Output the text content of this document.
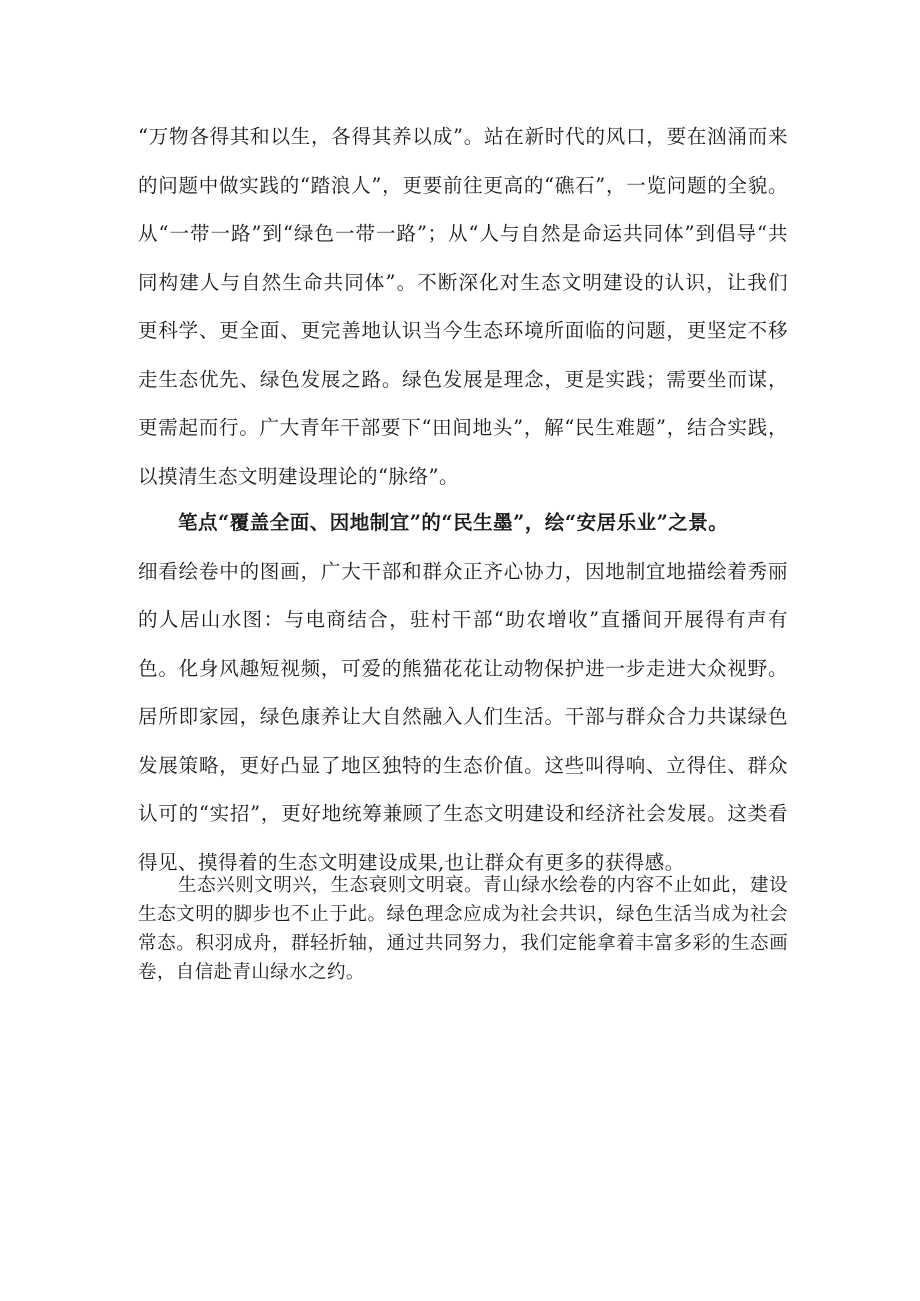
“万物各得其和以生，各得其养以成”。站在新时代的风口，要在汹涌而来的问题中做实践的“踏浪人”，更要前往更高的“礁石”，一览问题的全貌。从“一带一路”到“绿色一带一路”；从“人与自然是命运共同体”到倡导“共同构建人与自然生命共同体”。不断深化对生态文明建设的认识，让我们更科学、更全面、更完善地认识当今生态环境所面临的问题，更坚定不移走生态优先、绿色发展之路。绿色发展是理念，更是实践；需要坐而谋，更需起而行。广大青年干部要下“田间地头”，解“民生难题”，结合实践，以摸清生态文明建设理论的“脉络”。

笔点“覆盖全面、因地制宜”的“民生墨”，绘“安居乐业”之景。
细看绘卷中的图画，广大干部和群众正齐心协力，因地制宜地描绘着秀丽的人居山水图：与电商结合，驻村干部“助农增收”直播间开展得有声有色。化身风趣短视频，可爱的熊猫花花让动物保护进一步走进大众视野。居所即家园，绿色康养让大自然融入人们生活。干部与群众合力共谋绿色发展策略，更好凸显了地区独特的生态价值。这些叫得响、立得住、群众认可的“实招”，更好地统筹兼顾了生态文明建设和经济社会发展。这类看得见、摸得着的生态文明建设成果,也让群众有更多的获得感。

生态兴则文明兴，生态衰则文明衰。青山绿水绘卷的内容不止如此，建设生态文明的脚步也不止于此。绿色理念应成为社会共识，绿色生活当成为社会常态。积羽成舟，群轻折轴，通过共同努力，我们定能拿着丰富多彩的生态画卷，自信赴青山绿水之约。
